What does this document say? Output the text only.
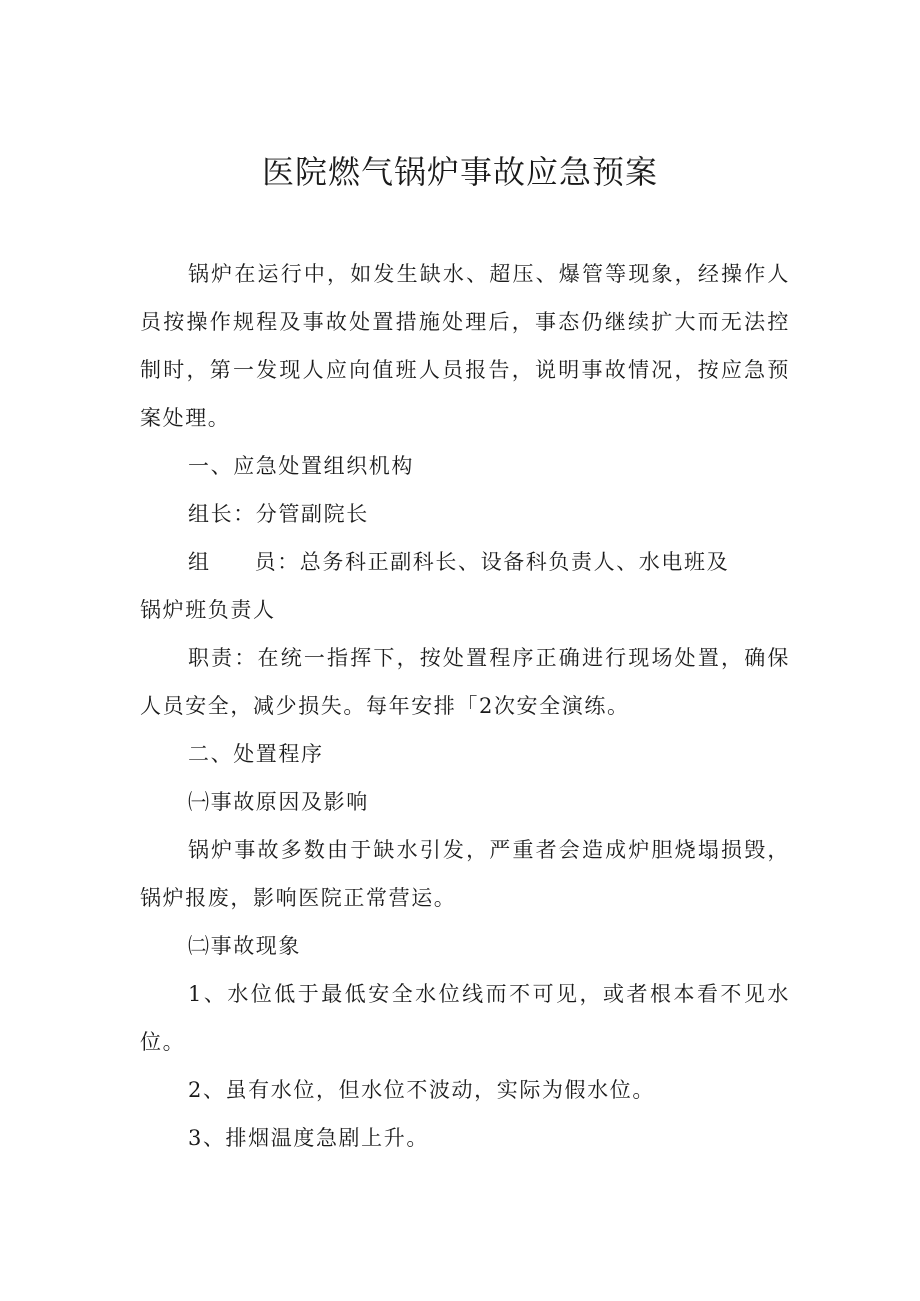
医院燃气锅炉事故应急预案

锅炉在运行中，如发生缺水、超压、爆管等现象，经操作人员按操作规程及事故处置措施处理后，事态仍继续扩大而无法控制时，第一发现人应向值班人员报告，说明事故情况，按应急预案处理。

一、应急处置组织机构

组长：分管副院长

组 员：总务科正副科长、设备科负责人、水电班及

锅炉班负责人

职责：在统一指挥下，按处置程序正确进行现场处置，确保人员安全，减少损失。每年安排「2次安全演练。

二、处置程序

㈠事故原因及影响

锅炉事故多数由于缺水引发，严重者会造成炉胆烧塌损毁，锅炉报废，影响医院正常营运。

㈡事故现象

1、水位低于最低安全水位线而不可见，或者根本看不见水位。

2、虽有水位，但水位不波动，实际为假水位。

3、排烟温度急剧上升。
